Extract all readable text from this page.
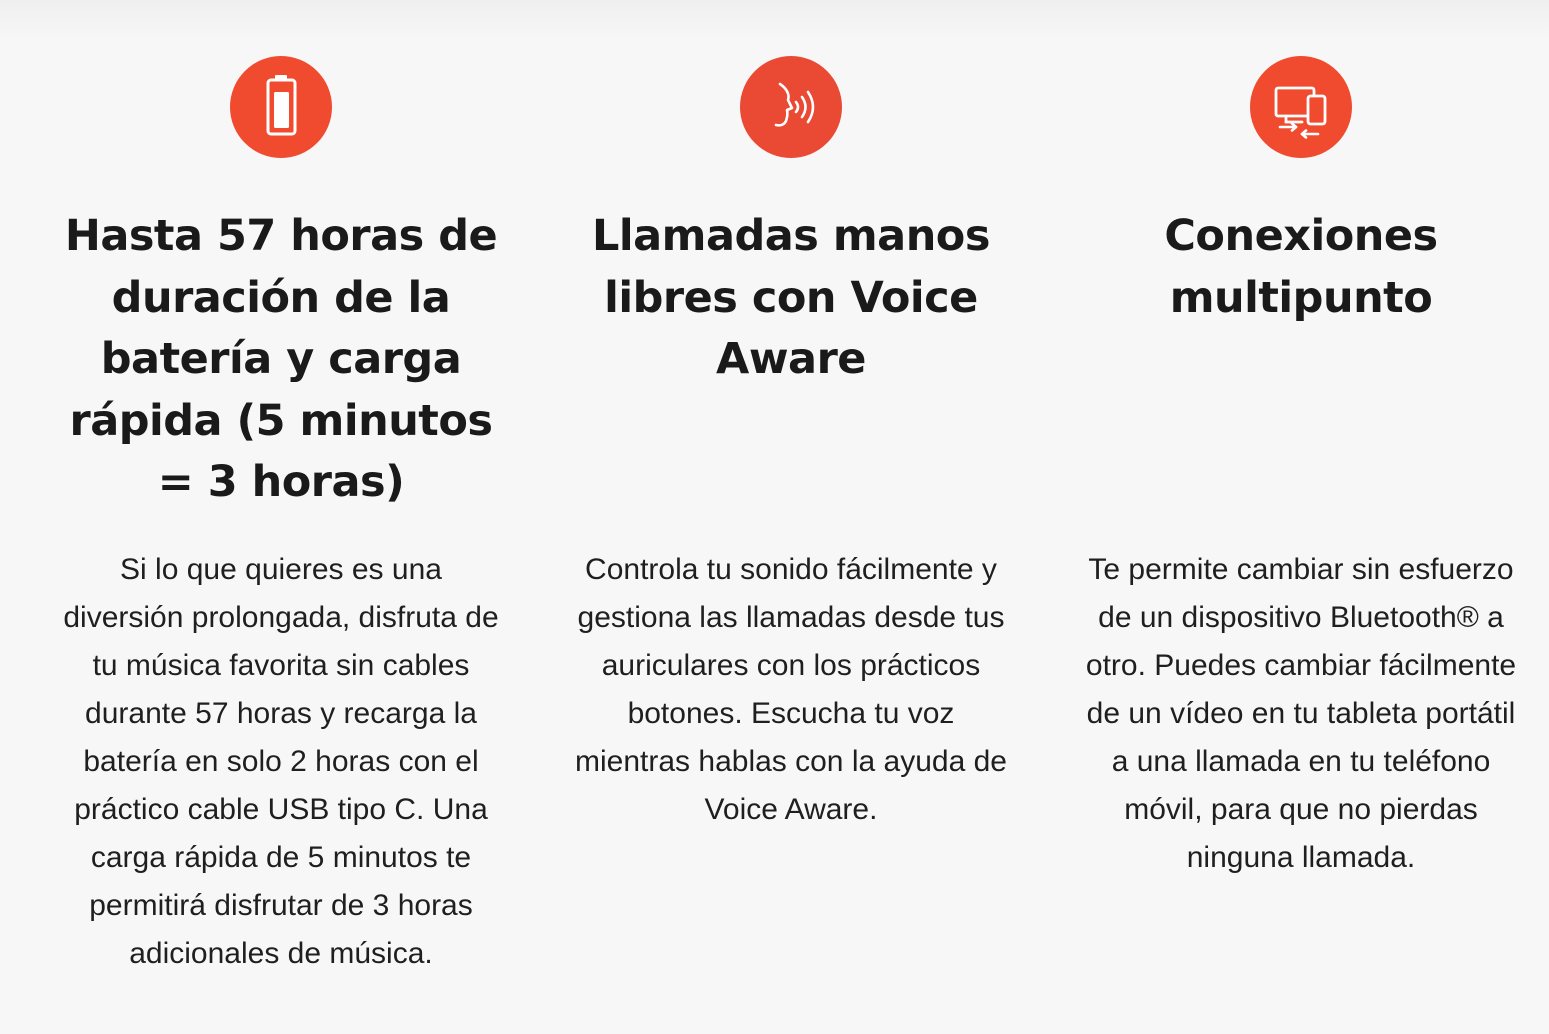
Hasta 57 horas de duración de la batería y carga rápida (5 minutos = 3 horas)
Si lo que quieres es una diversión prolongada, disfruta de tu música favorita sin cables durante 57 horas y recarga la batería en solo 2 horas con el práctico cable USB tipo C. Una carga rápida de 5 minutos te permitirá disfrutar de 3 horas adicionales de música.
Llamadas manos libres con Voice Aware
Controla tu sonido fácilmente y gestiona las llamadas desde tus auriculares con los prácticos botones. Escucha tu voz mientras hablas con la ayuda de Voice Aware.
Conexiones multipunto
Te permite cambiar sin esfuerzo de un dispositivo Bluetooth® a otro. Puedes cambiar fácilmente de un vídeo en tu tableta portátil a una llamada en tu teléfono móvil, para que no pierdas ninguna llamada.
